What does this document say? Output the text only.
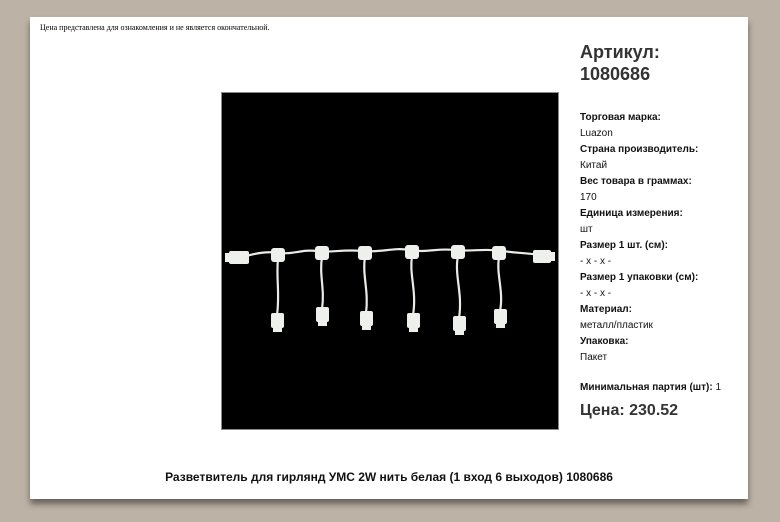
Цена представлена для ознакомления и не является окончательной.
Артикул:
1080686
Торговая марка:
Luazon
Страна производитель:
Китай
Вес товара в граммах:
170
Единица измерения:
шт
Размер 1 шт. (см):
- x - x -
Размер 1 упаковки (см):
- x - x -
Материал:
металл/пластик
Упаковка:
Пакет
Минимальная партия (шт): 1
Цена: 230.52
Разветвитель для гирлянд УМС 2W нить белая (1 вход 6 выходов) 1080686
